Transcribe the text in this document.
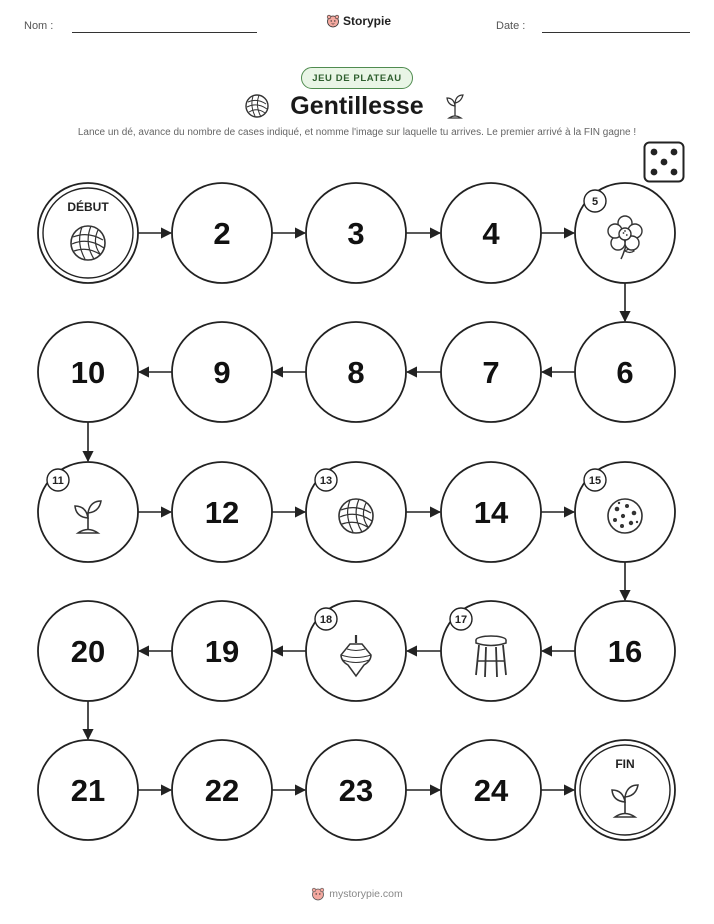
Nom :	Storypie	Date :
JEU DE PLATEAU
Gentillesse
Lance un dé, avance du nombre de cases indiqué, et nomme l'image sur laquelle tu arrives. Le premier arrivé à la FIN gagne !
DÉBUT
2	3	4
5
6
7
8
9
10
11
12
13
14
15
16
17
18
19
20
21	22	23	24
FIN
mystorypie.com
